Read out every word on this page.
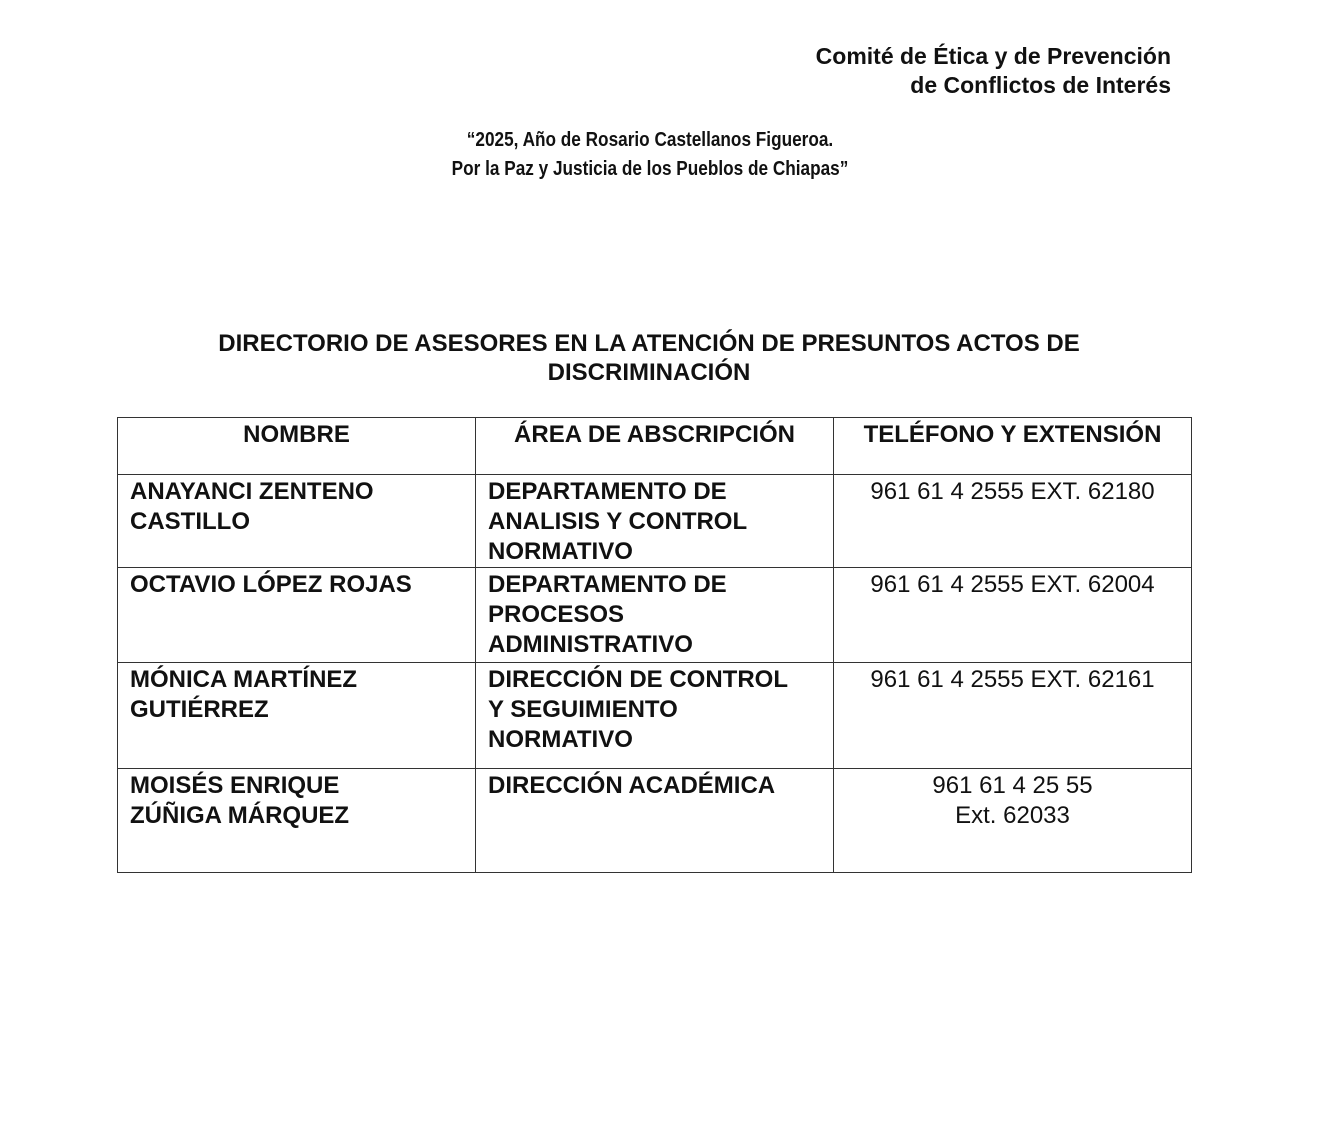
Comité de Ética y de Prevención
de Conflictos de Interés
“2025, Año de Rosario Castellanos Figueroa.
Por la Paz y Justicia de los Pueblos de Chiapas”
DIRECTORIO DE ASESORES EN LA ATENCIÓN DE PRESUNTOS ACTOS DE
DISCRIMINACIÓN
NOMBRE	ÁREA DE ABSCRIPCIÓN	TELÉFONO Y EXTENSIÓN

ANAYANCI ZENTENO
CASTILLO	DEPARTAMENTO DE
ANALISIS Y CONTROL
NORMATIVO	961 61 4 2555 EXT. 62180

OCTAVIO LÓPEZ ROJAS	DEPARTAMENTO DE
PROCESOS
ADMINISTRATIVO	961 61 4 2555 EXT. 62004

MÓNICA MARTÍNEZ
GUTIÉRREZ	DIRECCIÓN DE CONTROL
Y SEGUIMIENTO
NORMATIVO	961 61 4 2555 EXT. 62161

MOISÉS ENRIQUE
ZÚÑIGA MÁRQUEZ	DIRECCIÓN ACADÉMICA	961 61 4 25 55
Ext. 62033
